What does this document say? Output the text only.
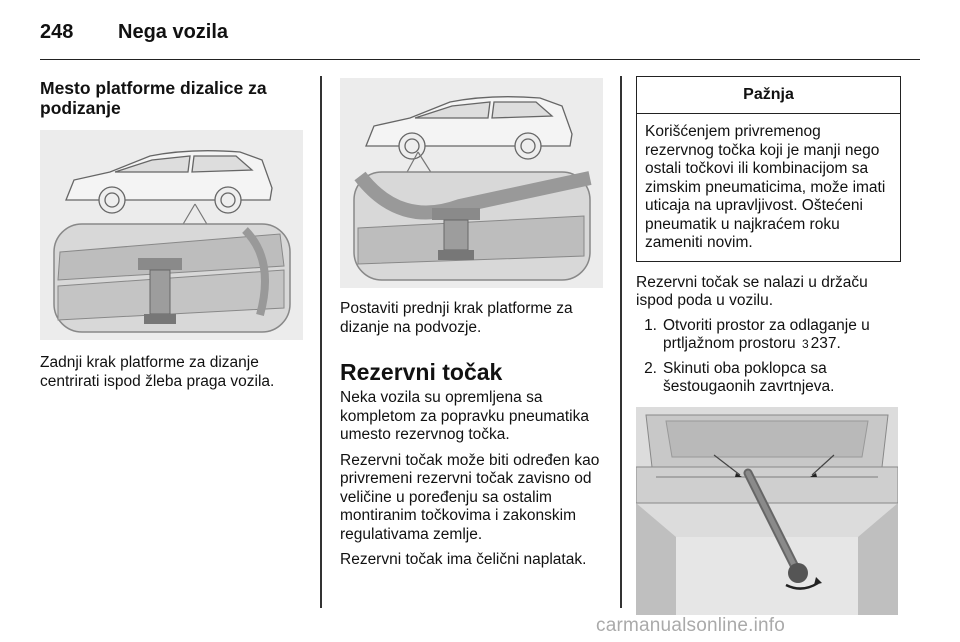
248 Nega vozila
Mesto platforme dizalice za podizanje
Zadnji krak platforme za dizanje centrirati ispod žleba praga vozila.
Postaviti prednji krak platforme za dizanje na podvozje.
Rezervni točak
Neka vozila su opremljena sa kompletom za popravku pneumatika umesto rezervnog točka.
Rezervni točak može biti određen kao privremeni rezervni točak zavisno od veličine u poređenju sa ostalim montiranim točkovima i zakonskim regulativama zemlje.
Rezervni točak ima čelični naplatak.
Pažnja
Korišćenjem privremenog rezervnog točka koji je manji nego ostali točkovi ili kombinacijom sa zimskim pneumaticima, može imati uticaja na upravljivost. Oštećeni pneumatik u najkraćem roku zameniti novim.
Rezervni točak se nalazi u držaču ispod poda u vozilu.
1. Otvoriti prostor za odlaganje u prtljažnom prostoru 3 237.
2. Skinuti oba poklopca sa šestougaonih zavrtnjeva.
carmanualsonline.info
